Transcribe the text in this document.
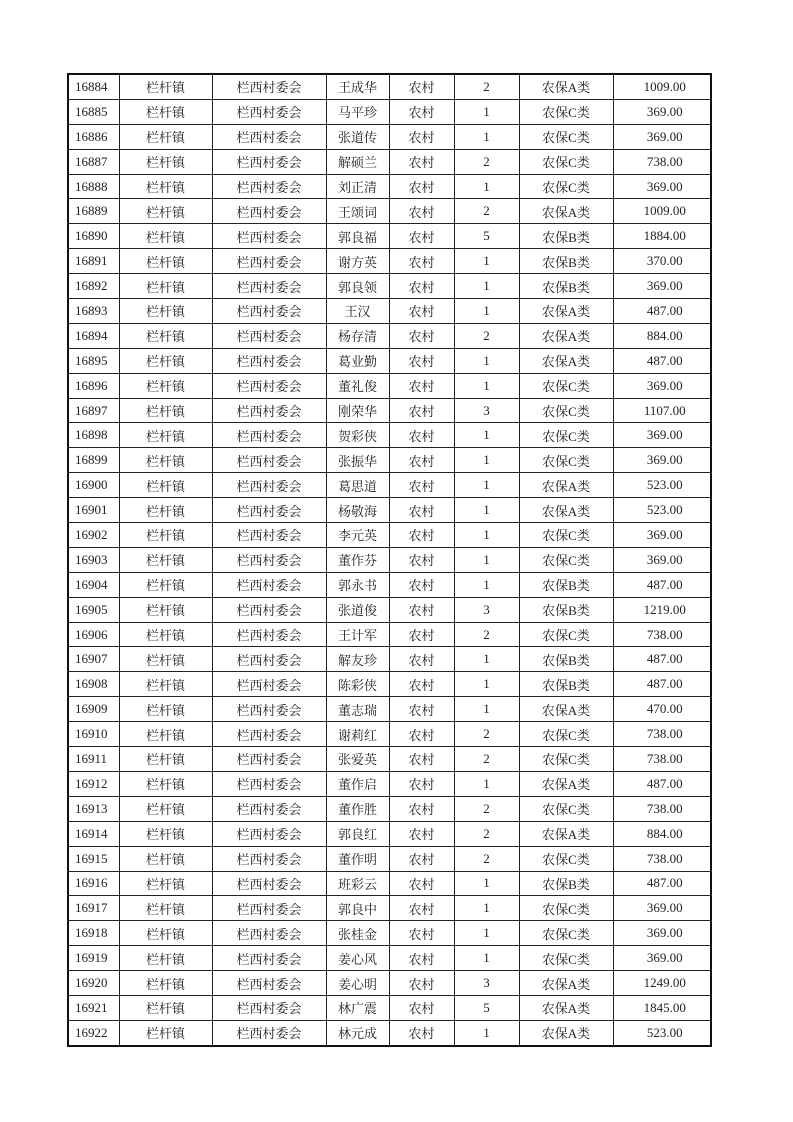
16884	栏杆镇	栏西村委会	王成华	农村	2	农保A类	1009.00
16885	栏杆镇	栏西村委会	马平珍	农村	1	农保C类	369.00
16886	栏杆镇	栏西村委会	张道传	农村	1	农保C类	369.00
16887	栏杆镇	栏西村委会	解硕兰	农村	2	农保C类	738.00
16888	栏杆镇	栏西村委会	刘正清	农村	1	农保C类	369.00
16889	栏杆镇	栏西村委会	王颂词	农村	2	农保A类	1009.00
16890	栏杆镇	栏西村委会	郭良福	农村	5	农保B类	1884.00
16891	栏杆镇	栏西村委会	谢方英	农村	1	农保B类	370.00
16892	栏杆镇	栏西村委会	郭良领	农村	1	农保B类	369.00
16893	栏杆镇	栏西村委会	王汉	农村	1	农保A类	487.00
16894	栏杆镇	栏西村委会	杨存清	农村	2	农保A类	884.00
16895	栏杆镇	栏西村委会	葛业勤	农村	1	农保A类	487.00
16896	栏杆镇	栏西村委会	董礼俊	农村	1	农保C类	369.00
16897	栏杆镇	栏西村委会	刚荣华	农村	3	农保C类	1107.00
16898	栏杆镇	栏西村委会	贺彩侠	农村	1	农保C类	369.00
16899	栏杆镇	栏西村委会	张振华	农村	1	农保C类	369.00
16900	栏杆镇	栏西村委会	葛思道	农村	1	农保A类	523.00
16901	栏杆镇	栏西村委会	杨敬海	农村	1	农保A类	523.00
16902	栏杆镇	栏西村委会	李元英	农村	1	农保C类	369.00
16903	栏杆镇	栏西村委会	董作芬	农村	1	农保C类	369.00
16904	栏杆镇	栏西村委会	郭永书	农村	1	农保B类	487.00
16905	栏杆镇	栏西村委会	张道俊	农村	3	农保B类	1219.00
16906	栏杆镇	栏西村委会	王计军	农村	2	农保C类	738.00
16907	栏杆镇	栏西村委会	解友珍	农村	1	农保B类	487.00
16908	栏杆镇	栏西村委会	陈彩侠	农村	1	农保B类	487.00
16909	栏杆镇	栏西村委会	董志瑞	农村	1	农保A类	470.00
16910	栏杆镇	栏西村委会	谢莉红	农村	2	农保C类	738.00
16911	栏杆镇	栏西村委会	张爱英	农村	2	农保C类	738.00
16912	栏杆镇	栏西村委会	董作启	农村	1	农保A类	487.00
16913	栏杆镇	栏西村委会	董作胜	农村	2	农保C类	738.00
16914	栏杆镇	栏西村委会	郭良红	农村	2	农保A类	884.00
16915	栏杆镇	栏西村委会	董作明	农村	2	农保C类	738.00
16916	栏杆镇	栏西村委会	班彩云	农村	1	农保B类	487.00
16917	栏杆镇	栏西村委会	郭良中	农村	1	农保C类	369.00
16918	栏杆镇	栏西村委会	张桂金	农村	1	农保C类	369.00
16919	栏杆镇	栏西村委会	姜心风	农村	1	农保C类	369.00
16920	栏杆镇	栏西村委会	姜心明	农村	3	农保A类	1249.00
16921	栏杆镇	栏西村委会	林广震	农村	5	农保A类	1845.00
16922	栏杆镇	栏西村委会	林元成	农村	1	农保A类	523.00
